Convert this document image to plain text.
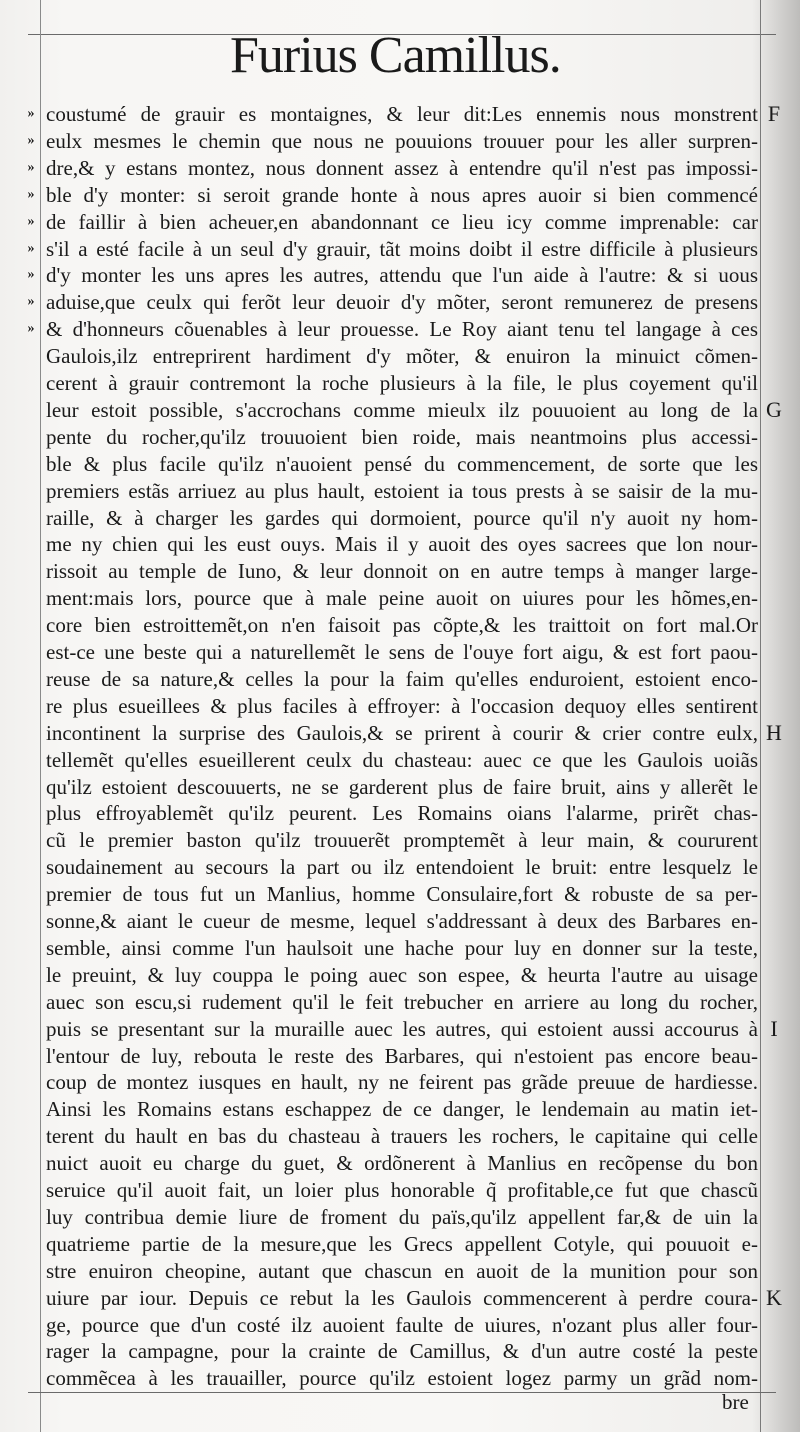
Furius Camillus.
coustumé de grauir es montaignes, & leur dit:Les ennemis nous monstrent
»
eulx mesmes le chemin que nous ne pouuions trouuer pour les aller surpren-
»
dre,& y estans montez, nous donnent assez à entendre qu'il n'est pas impossi-
»
ble d'y monter: si seroit grande honte à nous apres auoir si bien commencé
»
de faillir à bien acheuer,en abandonnant ce lieu icy comme imprenable: car
»
s'il a esté facile à un seul d'y grauir, tãt moins doibt il estre difficile à plusieurs
»
d'y monter les uns apres les autres, attendu que l'un aide à l'autre: & si uous
»
aduise,que ceulx qui ferõt leur deuoir d'y mõter, seront remunerez de presens
»
& d'honneurs cõuenables à leur prouesse. Le Roy aiant tenu tel langage à ces
»
Gaulois,ilz entreprirent hardiment d'y mõter, & enuiron la minuict cõmen-
cerent à grauir contremont la roche plusieurs à la file, le plus coyement qu'il
leur estoit possible, s'accrochans comme mieulx ilz pouuoient au long de la
pente du rocher,qu'ilz trouuoient bien roide, mais neantmoins plus accessi-
ble & plus facile qu'ilz n'auoient pensé du commencement, de sorte que les
premiers estãs arriuez au plus hault, estoient ia tous prests à se saisir de la mu-
raille, & à charger les gardes qui dormoient, pource qu'il n'y auoit ny hom-
me ny chien qui les eust ouys. Mais il y auoit des oyes sacrees que lon nour-
rissoit au temple de Iuno, & leur donnoit on en autre temps à manger large-
ment:mais lors, pource que à male peine auoit on uiures pour les hõmes,en-
core bien estroittemẽt,on n'en faisoit pas cõpte,& les traittoit on fort mal.Or
est-ce une beste qui a naturellemẽt le sens de l'ouye fort aigu, & est fort paou-
reuse de sa nature,& celles la pour la faim qu'elles enduroient, estoient enco-
re plus esueillees & plus faciles à effroyer: à l'occasion dequoy elles sentirent
incontinent la surprise des Gaulois,& se prirent à courir & crier contre eulx,
tellemẽt qu'elles esueillerent ceulx du chasteau: auec ce que les Gaulois uoiãs
qu'ilz estoient descouuerts, ne se garderent plus de faire bruit, ains y allerẽt le
plus effroyablemẽt qu'ilz peurent. Les Romains oians l'alarme, prirẽt chas-
cũ le premier baston qu'ilz trouuerẽt promptemẽt à leur main, & coururent
soudainement au secours la part ou ilz entendoient le bruit: entre lesquelz le
premier de tous fut un Manlius, homme Consulaire,fort & robuste de sa per-
sonne,& aiant le cueur de mesme, lequel s'addressant à deux des Barbares en-
semble, ainsi comme l'un haulsoit une hache pour luy en donner sur la teste,
le preuint, & luy couppa le poing auec son espee, & heurta l'autre au uisage
auec son escu,si rudement qu'il le feit trebucher en arriere au long du rocher,
puis se presentant sur la muraille auec les autres, qui estoient aussi accourus à
l'entour de luy, rebouta le reste des Barbares, qui n'estoient pas encore beau-
coup de montez iusques en hault, ny ne feirent pas grãde preuue de hardiesse.
Ainsi les Romains estans eschappez de ce danger, le lendemain au matin iet-
terent du hault en bas du chasteau à trauers les rochers, le capitaine qui celle
nuict auoit eu charge du guet, & ordõnerent à Manlius en recõpense du bon
seruice qu'il auoit fait, un loier plus honorable q̃ profitable,ce fut que chascũ
luy contribua demie liure de froment du païs,qu'ilz appellent far,& de uin la
quatrieme partie de la mesure,que les Grecs appellent Cotyle, qui pouuoit e-
stre enuiron cheopine, autant que chascun en auoit de la munition pour son
uiure par iour. Depuis ce rebut la les Gaulois commencerent à perdre coura-
ge, pource que d'un costé ilz auoient faulte de uiures, n'ozant plus aller four-
rager la campagne, pour la crainte de Camillus, & d'un autre costé la peste
commẽcea à les trauailler, pource qu'ilz estoient logez parmy un grãd nom-
F
G
H
I
K
bre
